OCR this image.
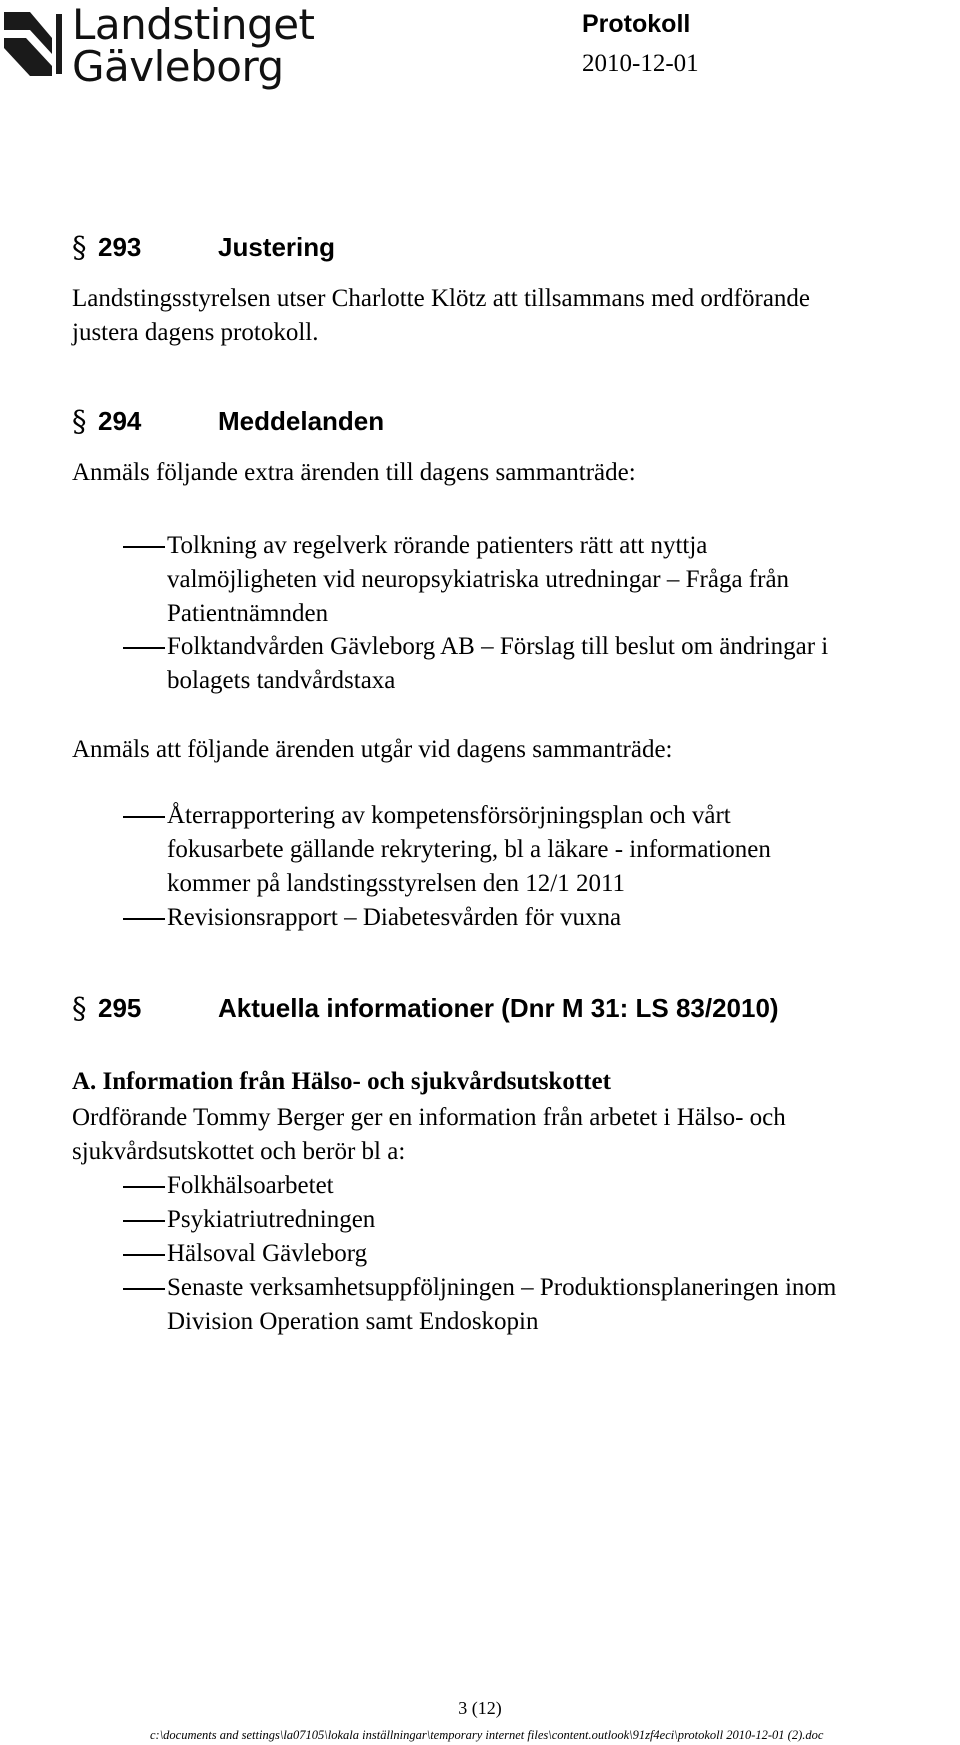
Landstinget
Gävleborg
Protokoll
2010-12-01
§ 293	Justering
Landstingsstyrelsen utser Charlotte Klötz att tillsammans med ordförande
justera dagens protokoll.
§ 294	Meddelanden
Anmäls följande extra ärenden till dagens sammanträde:
Tolkning av regelverk rörande patienters rätt att nyttja
valmöjligheten vid neuropsykiatriska utredningar – Fråga från
Patientnämnden
Folktandvården Gävleborg AB – Förslag till beslut om ändringar i
bolagets tandvårdstaxa
Anmäls att följande ärenden utgår vid dagens sammanträde:
Återrapportering av kompetensförsörjningsplan och vårt
fokusarbete gällande rekrytering, bl a läkare - informationen
kommer på landstingsstyrelsen den 12/1 2011
Revisionsrapport – Diabetesvården för vuxna
§ 295	Aktuella informationer (Dnr M 31: LS 83/2010)
A. Information från Hälso- och sjukvårdsutskottet
Ordförande Tommy Berger ger en information från arbetet i Hälso- och
sjukvårdsutskottet och berör bl a:
Folkhälsoarbetet
Psykiatriutredningen
Hälsoval Gävleborg
Senaste verksamhetsuppföljningen – Produktionsplaneringen inom
Division Operation samt Endoskopin
3 (12)
c:\documents and settings\la07105\lokala inställningar\temporary internet files\content.outlook\91zf4eci\protokoll 2010-12-01 (2).doc
